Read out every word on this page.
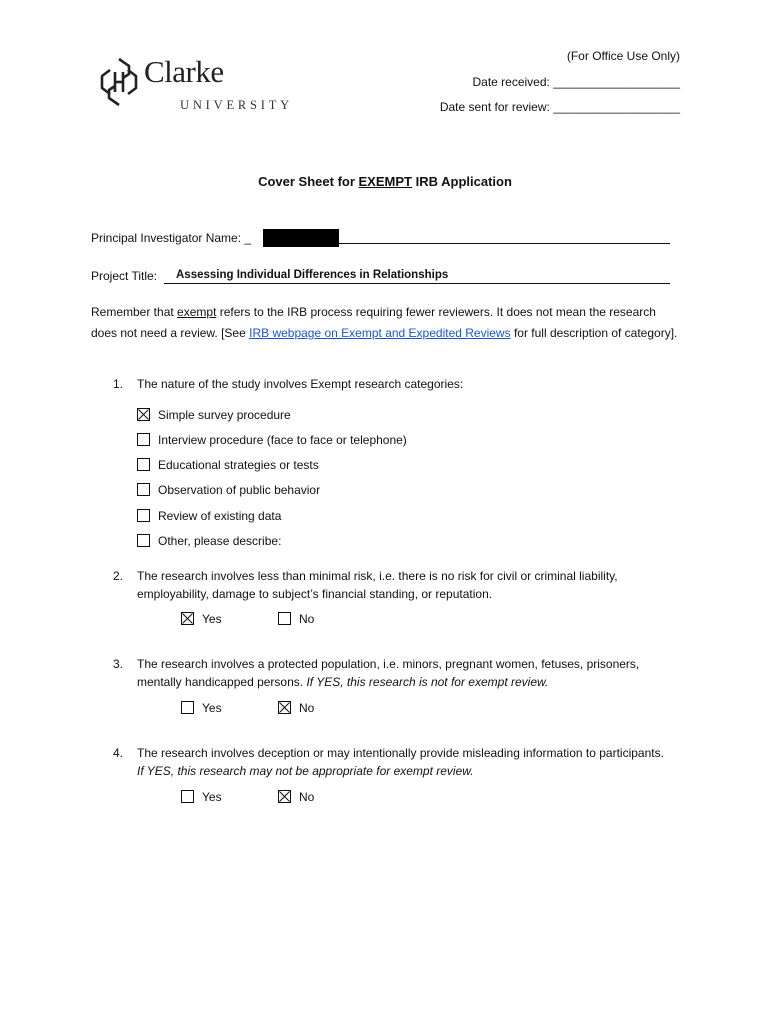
Clarke
UNIVERSITY
(For Office Use Only)
Date received: ___________________
Date sent for review: ___________________
Cover Sheet for EXEMPT IRB Application
Principal Investigator Name: _
Project Title: Assessing Individual Differences in Relationships
Remember that exempt refers to the IRB process requiring fewer reviewers. It does not mean the research does not need a review. [See IRB webpage on Exempt and Expedited Reviews for full description of category].
1. The nature of the study involves Exempt research categories:
Simple survey procedure
Interview procedure (face to face or telephone)
Educational strategies or tests
Observation of public behavior
Review of existing data
Other, please describe:
2. The research involves less than minimal risk, i.e. there is no risk for civil or criminal liability, employability, damage to subject’s financial standing, or reputation.
Yes	No
3. The research involves a protected population, i.e. minors, pregnant women, fetuses, prisoners, mentally handicapped persons. If YES, this research is not for exempt review.
Yes	No
4. The research involves deception or may intentionally provide misleading information to participants. If YES, this research may not be appropriate for exempt review.
Yes	No
